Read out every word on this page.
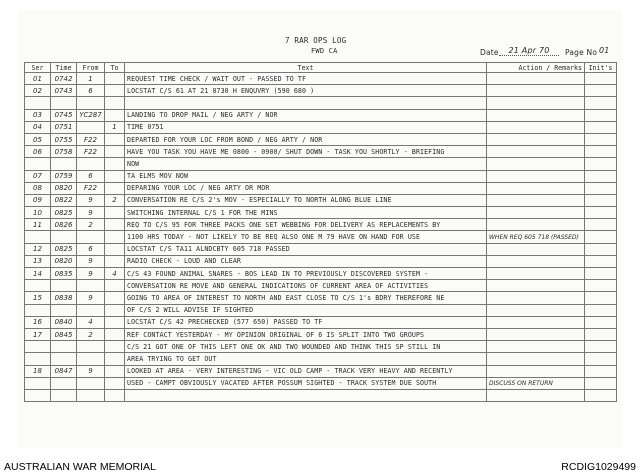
7 RAR OPS LOG
FWD CA	Date	21 Apr 70	Page No 01
Ser	Time	From	To	Text	Action / Remarks	Init's
01	0742	1		REQUEST TIME CHECK / WAIT OUT - PASSED TO TF		
02	0743	6		LOCSTAT C/S 61 AT 21 0730 H ENQUVRY (590 680 )		

03	0745	YC287		LANDING TO DROP MAIL / NEG ARTY / NOR		
04	0751		1	TIME 0751		
05	0755	F22		DEPARTED FOR YOUR LOC FROM BOND / NEG ARTY / NOR		
06	0758	F22		HAVE YOU TASK YOU HAVE ME 0800 - 0900/ SHUT DOWN - TASK YOU SHORTLY - BRIEFING		
				NOW		
07	0759	6		TA ELMS MOV NOW		
08	0820	F22		DEPARING YOUR LOC / NEG ARTY OR MOR		
09	0822	9	2	CONVERSATION RE C/S 2's MOV - ESPECIALLY TO NORTH ALONG BLUE LINE		
10	0825	9		SWITCHING INTERNAL C/S 1 FOR THE MINS		
11	0826	2		REQ TO C/S 95 FOR THREE PACKS ONE SET WEBBING FOR DELIVERY AS REPLACEMENTS BY		
				1100 HRS TODAY - NOT LIKELY TO BE REQ ALSO ONE M 79 HAVE ON HAND FOR USE	WHEN REQ 605 718 (PASSED)	
12	0825	6		LOCSTAT C/S TA11 ALNDCBTY 605 718 PASSED		
13	0820	9		RADIO CHECK - LOUD AND CLEAR		
14	0835	9	4	C/S 43 FOUND ANIMAL SNARES - BOS LEAD IN TO PREVIOUSLY DISCOVERED SYSTEM -		
				CONVERSATION RE MOVE AND GENERAL INDICATIONS OF CURRENT AREA OF ACTIVITIES		
15	0838	9		GOING TO AREA OF INTEREST TO NORTH AND EAST CLOSE TO C/S 1's BDRY THEREFORE NE		
				OF C/S 2 WILL ADVISE IF SIGHTED		
16	0840	4		LOCSTAT C/S 42 PRECHECKED (577 650) PASSED TO TF		
17	0845	2		REF CONTACT YESTERDAY - MY OPINION ORIGINAL OF 6 IS SPLIT INTO TWO GROUPS		
				C/S 21 GOT ONE OF THIS LEFT ONE OK AND TWO WOUNDED AND THINK THIS SP STILL IN		
				AREA TRYING TO GET OUT		
18	0847	9		LOOKED AT AREA - VERY INTERESTING - VIC OLD CAMP - TRACK VERY HEAVY AND RECENTLY		
				USED - CAMPT OBVIOUSLY VACATED AFTER POSSUM SIGHTED - TRACK SYSTEM DUE SOUTH	DISCUSS ON RETURN	

AUSTRALIAN WAR MEMORIAL	RCDIG1029499
